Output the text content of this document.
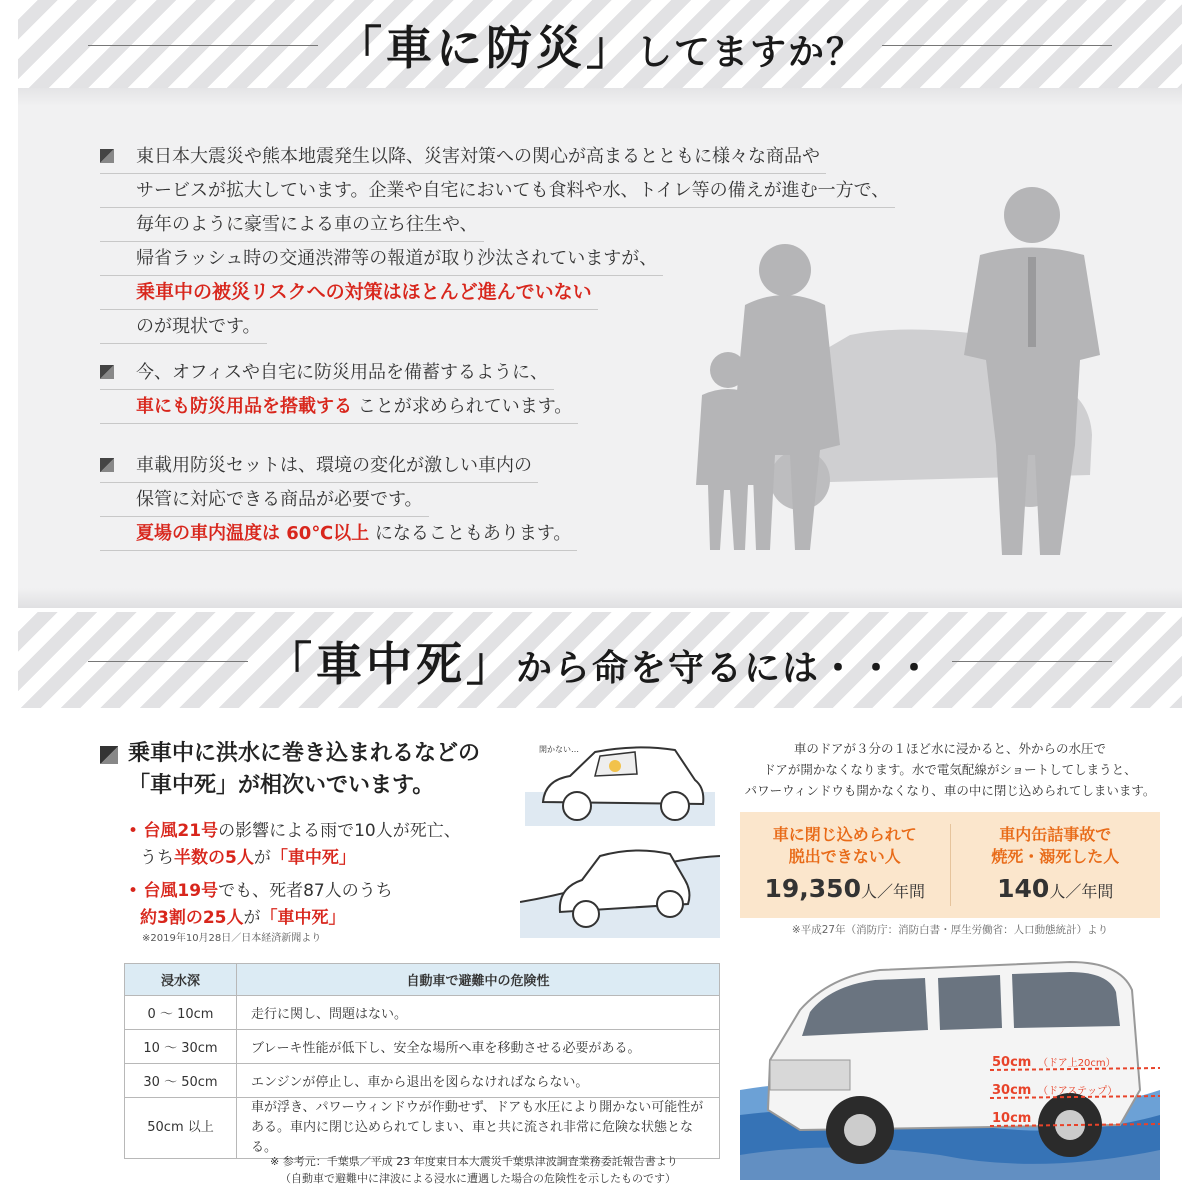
「車に防災」 してますか？
東日本大震災や熊本地震発生以降、災害対策への関心が高まるとともに様々な商品や
サービスが拡大しています。企業や自宅においても食料や水、トイレ等の備えが進む一方で、
毎年のように豪雪による車の立ち往生や、
帰省ラッシュ時の交通渋滞等の報道が取り沙汰されていますが、
乗車中の被災リスクへの対策はほとんど進んでいない
のが現状です。
今、オフィスや自宅に防災用品を備蓄するように、
車にも防災用品を搭載する ことが求められています。
車載用防災セットは、環境の変化が激しい車内の
保管に対応できる商品が必要です。
夏場の車内温度は 60℃以上 になることもあります。
「車中死」 から命を守るには・・・
乗車中に洪水に巻き込まれるなどの
「車中死」が相次いでいます。
• 台風21号の影響による雨で10人が死亡、
うち半数の5人が「車中死」
• 台風19号でも、死者87人のうち
約3割の25人が「車中死」
※2019年10月28日／日本経済新聞より
開かない…	車のドアが３分の１ほど水に浸かると、外からの水圧で
ドアが開かなくなります。水で電気配線がショートしてしまうと、
パワーウィンドウも開かなくなり、車の中に閉じ込められてしまいます。
車に閉じ込められて
脱出できない人
19,350人／年間
車内缶詰事故で
焼死・溺死した人
140人／年間
※平成27年（消防庁：消防白書・厚生労働省：人口動態統計）より
浸水深	自動車で避難中の危険性
0 〜 10cm	走行に関し、問題はない。
10 〜 30cm	ブレーキ性能が低下し、安全な場所へ車を移動させる必要がある。
30 〜 50cm	エンジンが停止し、車から退出を図らなければならない。
50cm 以上	車が浮き、パワーウィンドウが作動せず、ドアも水圧により開かない可能性が
ある。車内に閉じ込められてしまい、車と共に流され非常に危険な状態となる。
※ 参考元：千葉県／平成 23 年度東日本大震災千葉県津波調査業務委託報告書より
（自動車で避難中に津波による浸水に遭遇した場合の危険性を示したものです）
50cm （ドア上20cm）
30cm （ドアステップ）
10cm
